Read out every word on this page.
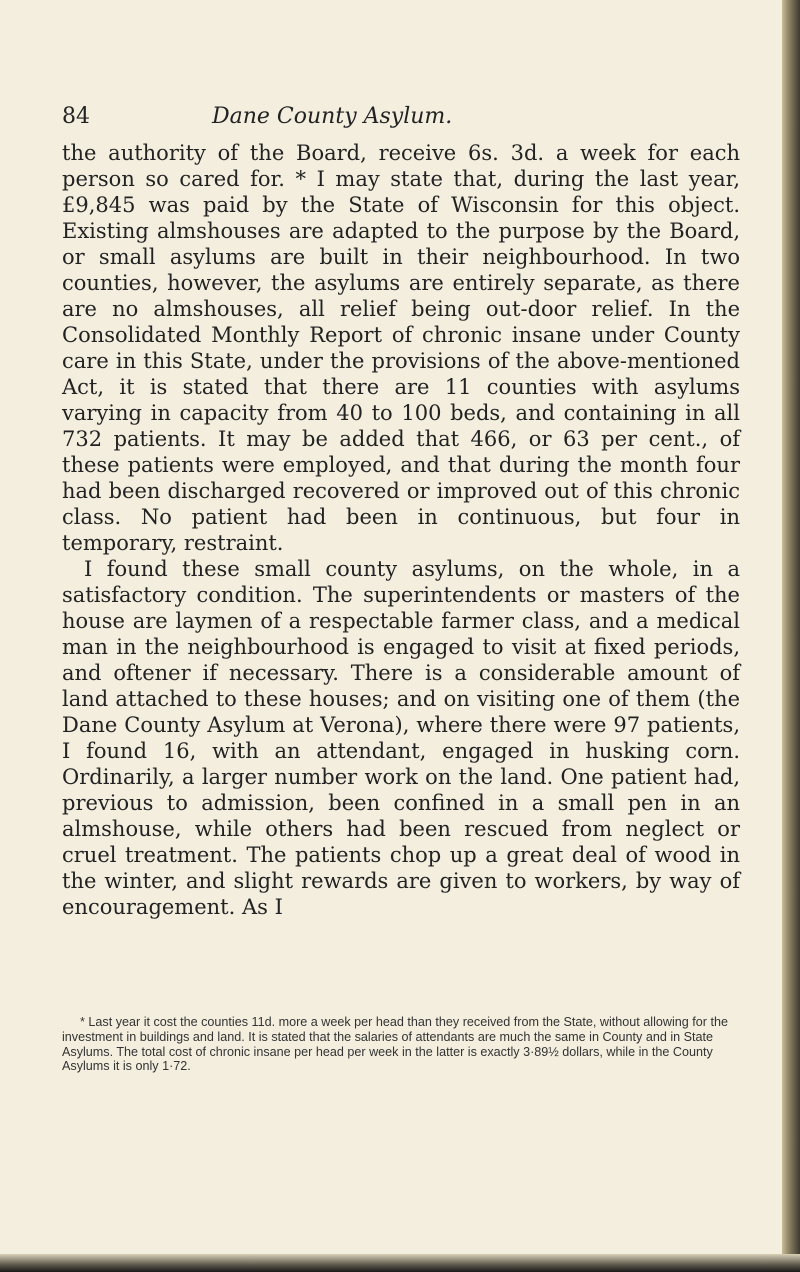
84	Dane County Asylum.

the authority of the Board, receive 6s. 3d. a week for each person so cared for. * I may state that, during the last year, £9,845 was paid by the State of Wisconsin for this object. Existing almshouses are adapted to the purpose by the Board, or small asylums are built in their neighbourhood. In two counties, however, the asylums are entirely separate, as there are no almshouses, all relief being out-door relief. In the Consolidated Monthly Report of chronic insane under County care in this State, under the provisions of the above-mentioned Act, it is stated that there are 11 counties with asylums varying in capacity from 40 to 100 beds, and containing in all 732 patients. It may be added that 466, or 63 per cent., of these patients were employed, and that during the month four had been discharged recovered or improved out of this chronic class. No patient had been in continuous, but four in temporary, restraint.

I found these small county asylums, on the whole, in a satisfactory condition. The superintendents or masters of the house are laymen of a respectable farmer class, and a medical man in the neighbourhood is engaged to visit at fixed periods, and oftener if necessary. There is a considerable amount of land attached to these houses; and on visiting one of them (the Dane County Asylum at Verona), where there were 97 patients, I found 16, with an attendant, engaged in husking corn. Ordinarily, a larger number work on the land. One patient had, previous to admission, been confined in a small pen in an almshouse, while others had been rescued from neglect or cruel treatment. The patients chop up a great deal of wood in the winter, and slight rewards are given to workers, by way of encouragement. As I

* Last year it cost the counties 11d. more a week per head than they received from the State, without allowing for the investment in buildings and land. It is stated that the salaries of attendants are much the same in County and in State Asylums. The total cost of chronic insane per head per week in the latter is exactly 3·89½ dollars, while in the County Asylums it is only 1·72.
